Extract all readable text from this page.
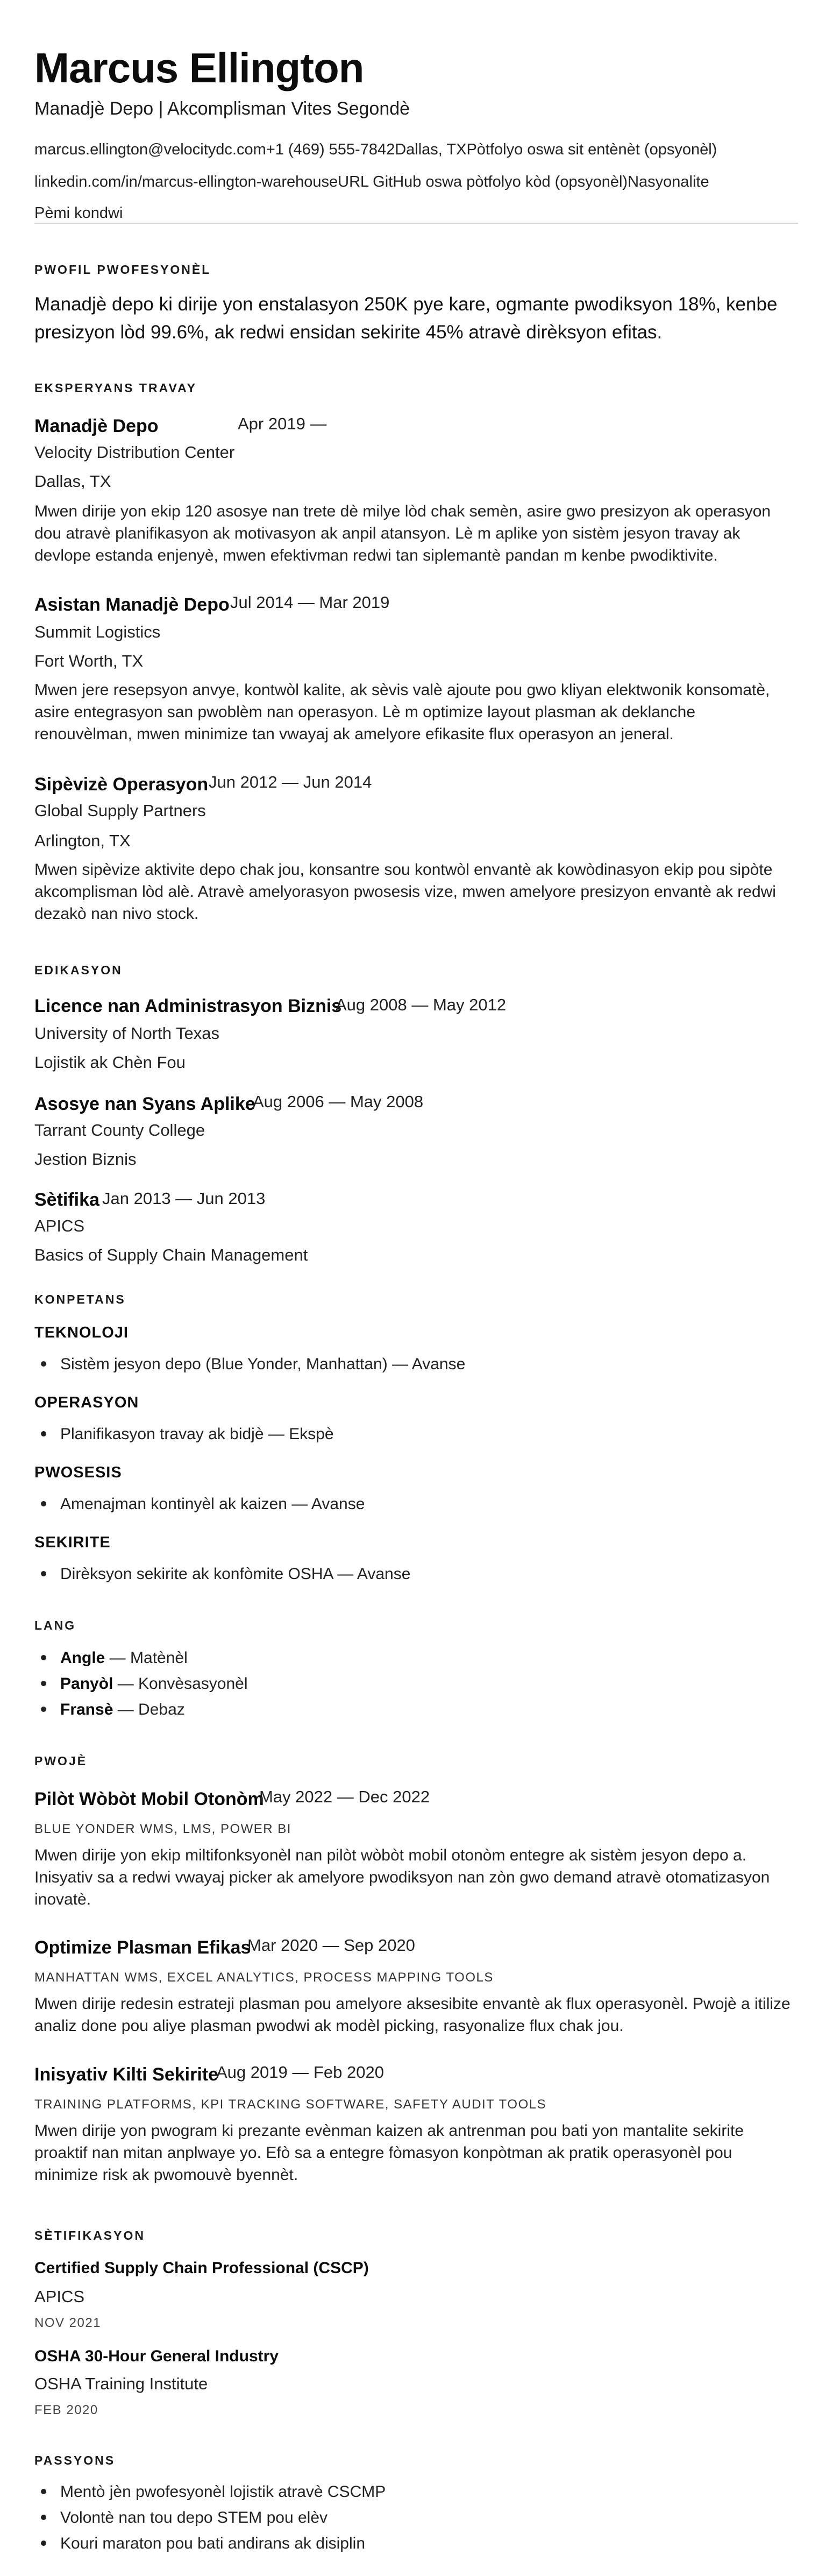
Marcus Ellington
Manadjè Depo | Akcomplisman Vites Segondè
marcus.ellington@velocitydc.com+1 (469) 555-7842Dallas, TXPòtfolyo oswa sit entènèt (opsyonèl)
linkedin.com/in/marcus-ellington-warehouseURL GitHub oswa pòtfolyo kòd (opsyonèl)Nasyonalite
Pèmi kondwi
PWOFIL PWOFESYONÈL
Manadjè depo ki dirije yon enstalasyon 250K pye kare, ogmante pwodiksyon 18%, kenbe presizyon lòd 99.6%, ak redwi ensidan sekirite 45% atravè dirèksyon efitas.
EKSPERYANS TRAVAY
Manadjè Depo	Apr 2019 —
Velocity Distribution Center
Dallas, TX
Mwen dirije yon ekip 120 asosye nan trete dè milye lòd chak semèn, asire gwo presizyon ak operasyon dou atravè planifikasyon ak motivasyon ak anpil atansyon. Lè m aplike yon sistèm jesyon travay ak devlope estanda enjenyè, mwen efektivman redwi tan siplemantè pandan m kenbe pwodiktivite.
Asistan Manadjè Depo Jul 2014 — Mar 2019
Summit Logistics
Fort Worth, TX
Mwen jere resepsyon anvye, kontwòl kalite, ak sèvis valè ajoute pou gwo kliyan elektwonik konsomatè, asire entegrasyon san pwoblèm nan operasyon. Lè m optimize layout plasman ak deklanche renouvèlman, mwen minimize tan vwayaj ak amelyore efikasite flux operasyon an jeneral.
Sipèvizè Operasyon Jun 2012 — Jun 2014
Global Supply Partners
Arlington, TX
Mwen sipèvize aktivite depo chak jou, konsantre sou kontwòl envantè ak kowòdinasyon ekip pou sipòte akcomplisman lòd alè. Atravè amelyorasyon pwosesis vize, mwen amelyore presizyon envantè ak redwi dezakò nan nivo stock.
EDIKASYON
Licence nan Administrasyon Biznis
Aug 2008 — May 2012
University of North Texas
Lojistik ak Chèn Fou
Asosye nan Syans Aplike
Aug 2006 — May 2008
Tarrant County College
Jestion Biznis
Sètifika Jan 2013 — Jun 2013
APICS
Basics of Supply Chain Management
KONPETANS
TEKNOLOJI
Sistèm jesyon depo (Blue Yonder, Manhattan) — Avanse
OPERASYON
Planifikasyon travay ak bidjè — Ekspè
PWOSESIS
Amenajman kontinyèl ak kaizen — Avanse
SEKIRITE
Dirèksyon sekirite ak konfòmite OSHA — Avanse
LANG
Angle — Matènèl
Panyòl — Konvèsasyonèl
Fransè — Debaz
PWOJÈ
Pilòt Wòbòt Mobil Otonòm
May 2022 — Dec 2022
BLUE YONDER WMS, LMS, POWER BI
Mwen dirije yon ekip miltifonksyonèl nan pilòt wòbòt mobil otonòm entegre ak sistèm jesyon depo a. Inisyativ sa a redwi vwayaj picker ak amelyore pwodiksyon nan zòn gwo demand atravè otomatizasyon inovatè.
Optimize Plasman Efikas
Mar 2020 — Sep 2020
MANHATTAN WMS, EXCEL ANALYTICS, PROCESS MAPPING TOOLS
Mwen dirije redesin estrateji plasman pou amelyore aksesibite envantè ak flux operasyonèl. Pwojè a itilize analiz done pou aliye plasman pwodwi ak modèl picking, rasyonalize flux chak jou.
Inisyativ Kilti Sekirite
Aug 2019 — Feb 2020
TRAINING PLATFORMS, KPI TRACKING SOFTWARE, SAFETY AUDIT TOOLS
Mwen dirije yon pwogram ki prezante evènman kaizen ak antrenman pou bati yon mantalite sekirite proaktif nan mitan anplwaye yo. Efò sa a entegre fòmasyon konpòtman ak pratik operasyonèl pou minimize risk ak pwomouvè byennèt.
SÈTIFIKASYON
Certified Supply Chain Professional (CSCP)
APICS
NOV 2021
OSHA 30-Hour General Industry
OSHA Training Institute
FEB 2020
PASSYONS
Mentò jèn pwofesyonèl lojistik atravè CSCMP
Volontè nan tou depo STEM pou elèv
Kouri maraton pou bati andirans ak disiplin
